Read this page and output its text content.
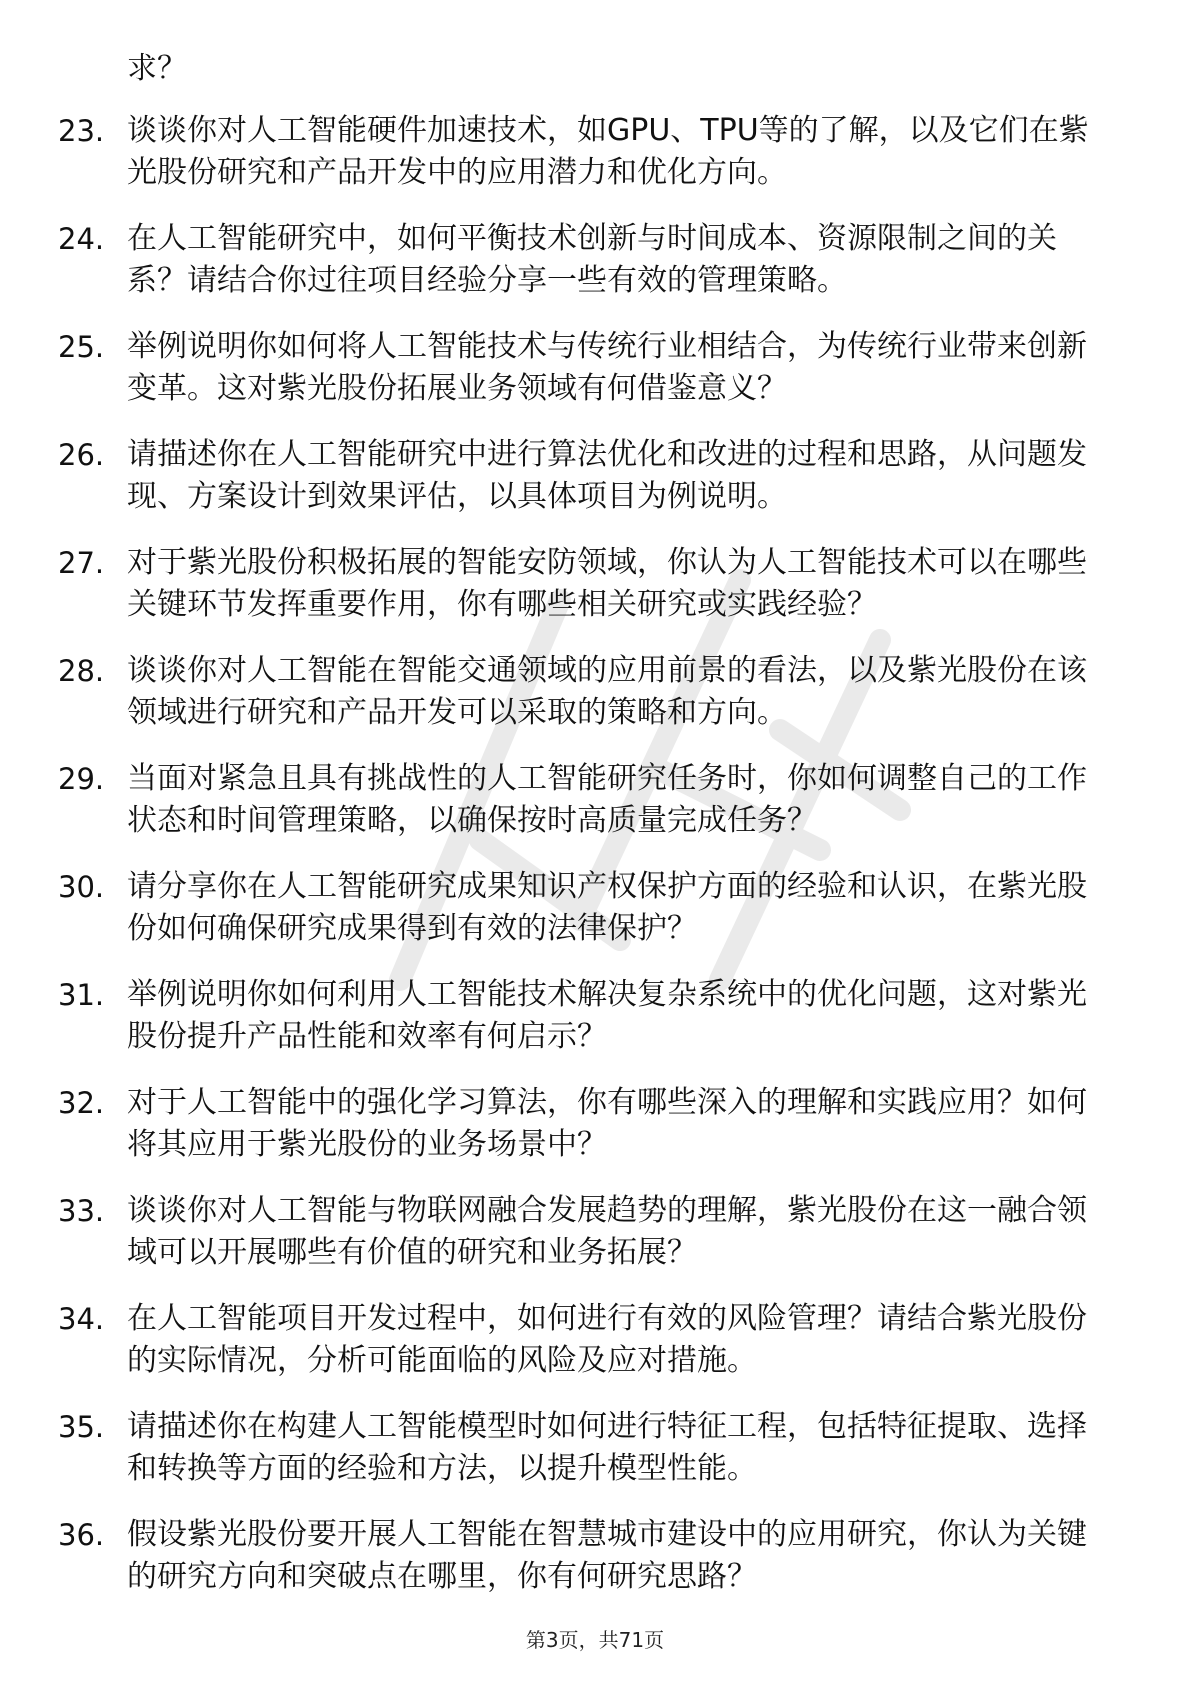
求？
23. 谈谈你对人工智能硬件加速技术，如GPU、TPU等的了解，以及它们在紫光股份研究和产品开发中的应用潜力和优化方向。
24. 在人工智能研究中，如何平衡技术创新与时间成本、资源限制之间的关系？请结合你过往项目经验分享一些有效的管理策略。
25. 举例说明你如何将人工智能技术与传统行业相结合，为传统行业带来创新变革。这对紫光股份拓展业务领域有何借鉴意义？
26. 请描述你在人工智能研究中进行算法优化和改进的过程和思路，从问题发现、方案设计到效果评估，以具体项目为例说明。
27. 对于紫光股份积极拓展的智能安防领域，你认为人工智能技术可以在哪些关键环节发挥重要作用，你有哪些相关研究或实践经验？
28. 谈谈你对人工智能在智能交通领域的应用前景的看法，以及紫光股份在该领域进行研究和产品开发可以采取的策略和方向。
29. 当面对紧急且具有挑战性的人工智能研究任务时，你如何调整自己的工作状态和时间管理策略，以确保按时高质量完成任务？
30. 请分享你在人工智能研究成果知识产权保护方面的经验和认识，在紫光股份如何确保研究成果得到有效的法律保护？
31. 举例说明你如何利用人工智能技术解决复杂系统中的优化问题，这对紫光股份提升产品性能和效率有何启示？
32. 对于人工智能中的强化学习算法，你有哪些深入的理解和实践应用？如何将其应用于紫光股份的业务场景中？
33. 谈谈你对人工智能与物联网融合发展趋势的理解，紫光股份在这一融合领域可以开展哪些有价值的研究和业务拓展？
34. 在人工智能项目开发过程中，如何进行有效的风险管理？请结合紫光股份的实际情况，分析可能面临的风险及应对措施。
35. 请描述你在构建人工智能模型时如何进行特征工程，包括特征提取、选择和转换等方面的经验和方法，以提升模型性能。
36. 假设紫光股份要开展人工智能在智慧城市建设中的应用研究，你认为关键的研究方向和突破点在哪里，你有何研究思路？
第3页，共71页
